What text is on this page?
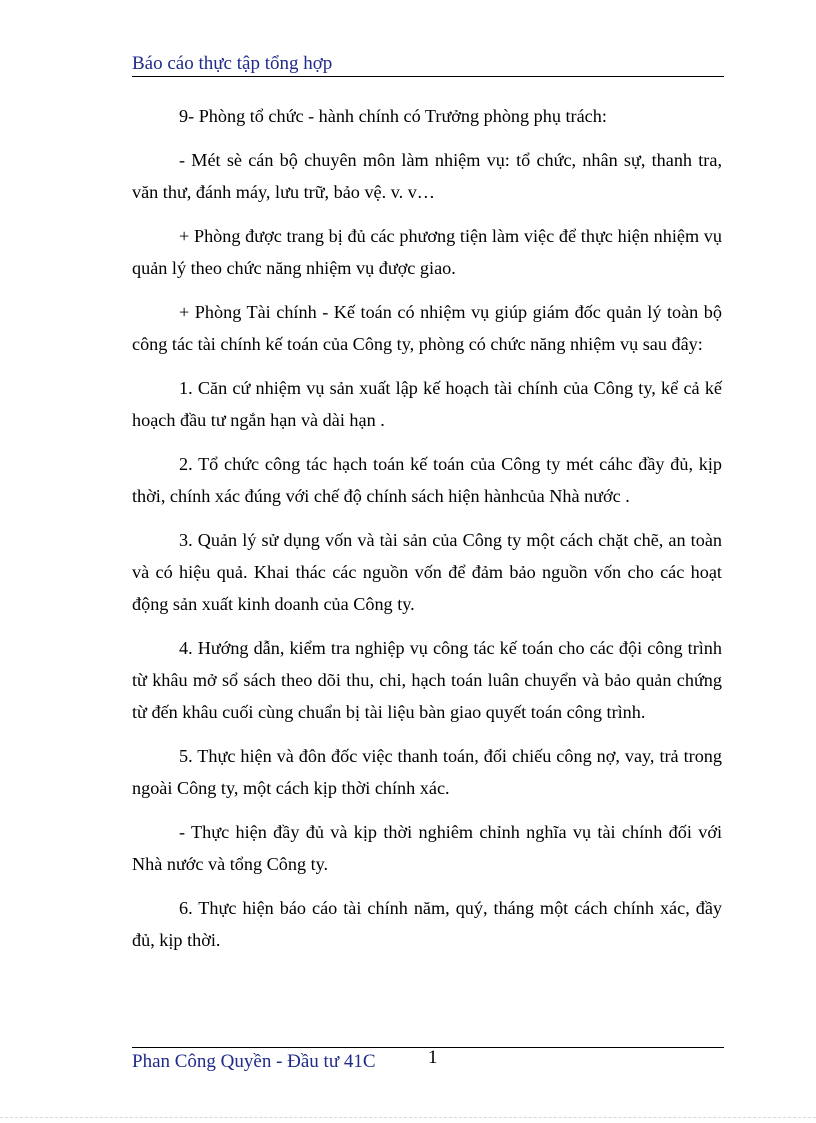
Báo cáo thực tập tổng hợp

9- Phòng tổ chức - hành chính có Trưởng phòng phụ trách:

- Mét sè cán bộ chuyên môn làm nhiệm vụ: tổ chức, nhân sự, thanh tra, văn thư, đánh máy, lưu trữ, bảo vệ. v. v…

+ Phòng được trang bị đủ các phương tiện làm việc để thực hiện nhiệm vụ quản lý theo chức năng nhiệm vụ được giao.

+ Phòng Tài chính - Kế toán có nhiệm vụ giúp giám đốc quản lý toàn bộ công tác tài chính kế toán của Công ty, phòng có chức năng nhiệm vụ sau đây:

1. Căn cứ nhiệm vụ sản xuất lập kế hoạch tài chính của Công ty, kể cả kế hoạch đầu tư ngắn hạn và dài hạn .

2. Tổ chức công tác hạch toán kế toán của Công ty mét cáhc đầy đủ, kịp thời, chính xác đúng với chế độ chính sách hiện hànhcủa Nhà nước .

3. Quản lý sử dụng vốn và tài sản của Công ty một cách chặt chẽ, an toàn và có hiệu quả. Khai thác các nguồn vốn để đảm bảo nguồn vốn cho các hoạt động sản xuất kinh doanh của Công ty.

4. Hướng dẫn, kiểm tra nghiệp vụ công tác kế toán cho các đội công trình từ khâu mở sổ sách theo dõi thu, chi, hạch toán luân chuyển và bảo quản chứng từ đến khâu cuối cùng chuẩn bị tài liệu bàn giao quyết toán công trình.

5. Thực hiện và đôn đốc việc thanh toán, đối chiếu công nợ, vay, trả trong ngoài Công ty, một cách kịp thời chính xác.

- Thực hiện đầy đủ và kịp thời nghiêm chỉnh nghĩa vụ tài chính đối với Nhà nước và tổng Công ty.

6. Thực hiện báo cáo tài chính năm, quý, tháng một cách chính xác, đầy đủ, kịp thời.

Phan Công Quyền - Đầu tư 41C	1
